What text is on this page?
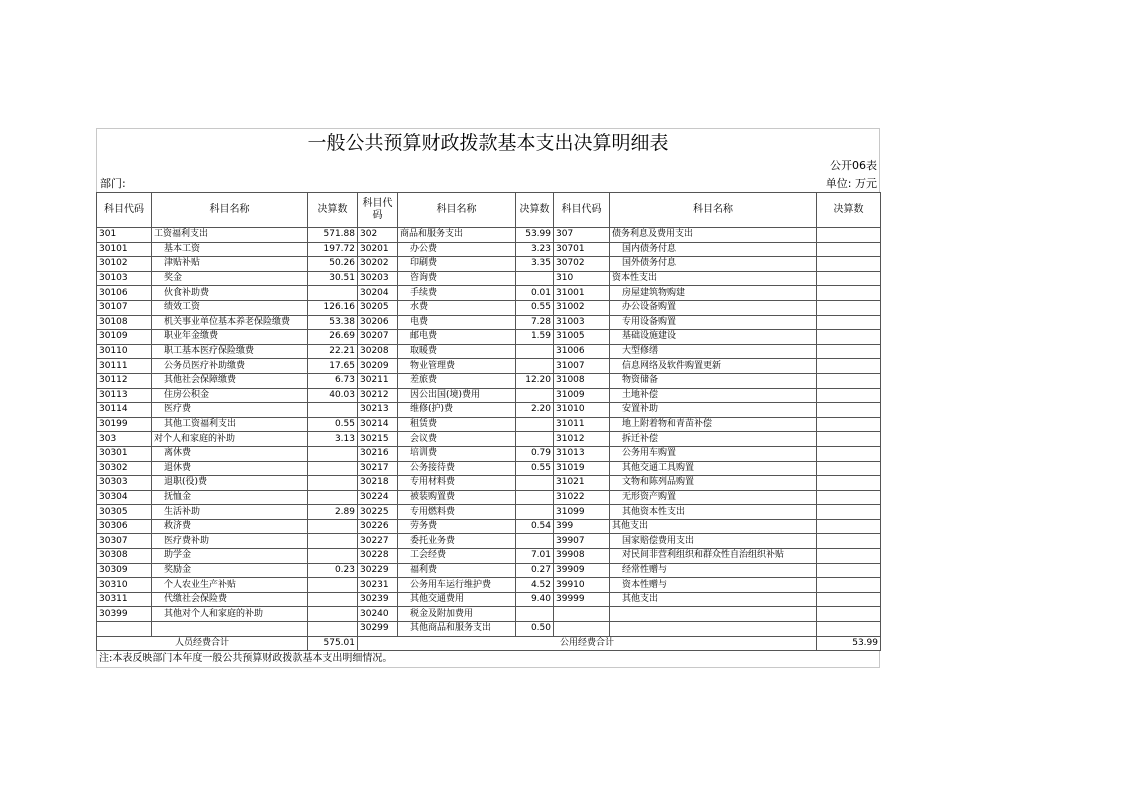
一般公共预算财政拨款基本支出决算明细表
公开06表
部门:	单位: 万元
科目代码	科目名称	决算数	科目代码	科目名称	决算数	科目代码	科目名称	决算数
301	工资福利支出	571.88	302	商品和服务支出	53.99	307	债务利息及费用支出	
30101	基本工资	197.72	30201	办公费	3.23	30701	国内债务付息	
30102	津贴补贴	50.26	30202	印刷费	3.35	30702	国外债务付息	
30103	奖金	30.51	30203	咨询费		310	资本性支出	
30106	伙食补助费		30204	手续费	0.01	31001	房屋建筑物购建	
30107	绩效工资	126.16	30205	水费	0.55	31002	办公设备购置	
30108	机关事业单位基本养老保险缴费	53.38	30206	电费	7.28	31003	专用设备购置	
30109	职业年金缴费	26.69	30207	邮电费	1.59	31005	基础设施建设	
30110	职工基本医疗保险缴费	22.21	30208	取暖费		31006	大型修缮	
30111	公务员医疗补助缴费	17.65	30209	物业管理费		31007	信息网络及软件购置更新	
30112	其他社会保障缴费	6.73	30211	差旅费	12.20	31008	物资储备	
30113	住房公积金	40.03	30212	因公出国(境)费用		31009	土地补偿	
30114	医疗费		30213	维修(护)费	2.20	31010	安置补助	
30199	其他工资福利支出	0.55	30214	租赁费		31011	地上附着物和青苗补偿	
303	对个人和家庭的补助	3.13	30215	会议费		31012	拆迁补偿	
30301	离休费		30216	培训费	0.79	31013	公务用车购置	
30302	退休费		30217	公务接待费	0.55	31019	其他交通工具购置	
30303	退职(役)费		30218	专用材料费		31021	文物和陈列品购置	
30304	抚恤金		30224	被装购置费		31022	无形资产购置	
30305	生活补助	2.89	30225	专用燃料费		31099	其他资本性支出	
30306	救济费		30226	劳务费	0.54	399	其他支出	
30307	医疗费补助		30227	委托业务费		39907	国家赔偿费用支出	
30308	助学金		30228	工会经费	7.01	39908	对民间非营利组织和群众性自治组织补贴	
30309	奖励金	0.23	30229	福利费	0.27	39909	经常性赠与	
30310	个人农业生产补贴		30231	公务用车运行维护费	4.52	39910	资本性赠与	
30311	代缴社会保险费		30239	其他交通费用	9.40	39999	其他支出	
30399	其他对个人和家庭的补助		30240	税金及附加费用				
			30299	其他商品和服务支出	0.50			
人员经费合计		575.01	公用经费合计					53.99
注:本表反映部门本年度一般公共预算财政拨款基本支出明细情况。
